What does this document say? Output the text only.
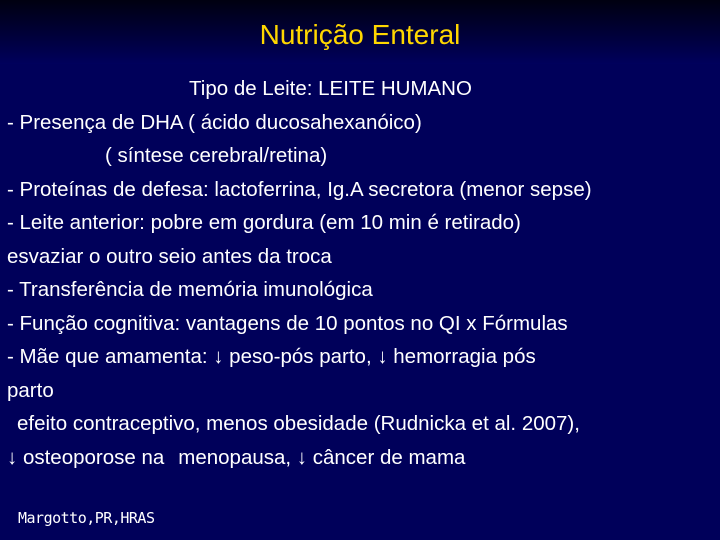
Nutrição Enteral
Tipo de Leite: LEITE HUMANO
- Presença de DHA ( ácido ducosahexanóico)
( síntese cerebral/retina)
- Proteínas de defesa: lactoferrina, Ig.A secretora (menor sepse)
- Leite anterior: pobre em gordura (em 10 min é retirado)
esvaziar o outro seio antes da troca
- Transferência de memória imunológica
- Função cognitiva: vantagens de 10 pontos no QI x Fórmulas
- Mãe que amamenta: ↓ peso-pós parto, ↓ hemorragia pós
parto
efeito contraceptivo, menos obesidade (Rudnicka et al. 2007),
↓ osteoporose na menopausa, ↓ câncer de mama
Margotto,PR,HRAS
